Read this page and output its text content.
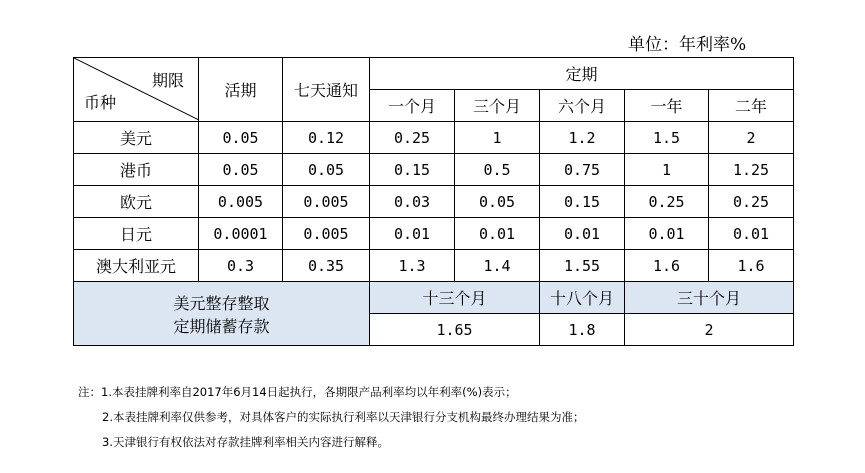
单位：年利率%
期限
币种	活期	七天通知	定期				
			一个月	三个月	六个月	一年	二年
美元	0.05	0.12	0.25	1	1.2	1.5	2
港币	0.05	0.05	0.15	0.5	0.75	1	1.25
欧元	0.005	0.005	0.03	0.05	0.15	0.25	0.25
日元	0.0001	0.005	0.01	0.01	0.01	0.01	0.01
澳大利亚元	0.3	0.35	1.3	1.4	1.55	1.6	1.6

美元整存整取
定期储蓄存款			十三个月		十八个月	三十个月	
			1.65		1.8	2	
注：1.本表挂牌利率自2017年6月14日起执行，各期限产品利率均以年利率(%)表示；
2.本表挂牌利率仅供参考，对具体客户的实际执行利率以天津银行分支机构最终办理结果为准；
3.天津银行有权依法对存款挂牌利率相关内容进行解释。
